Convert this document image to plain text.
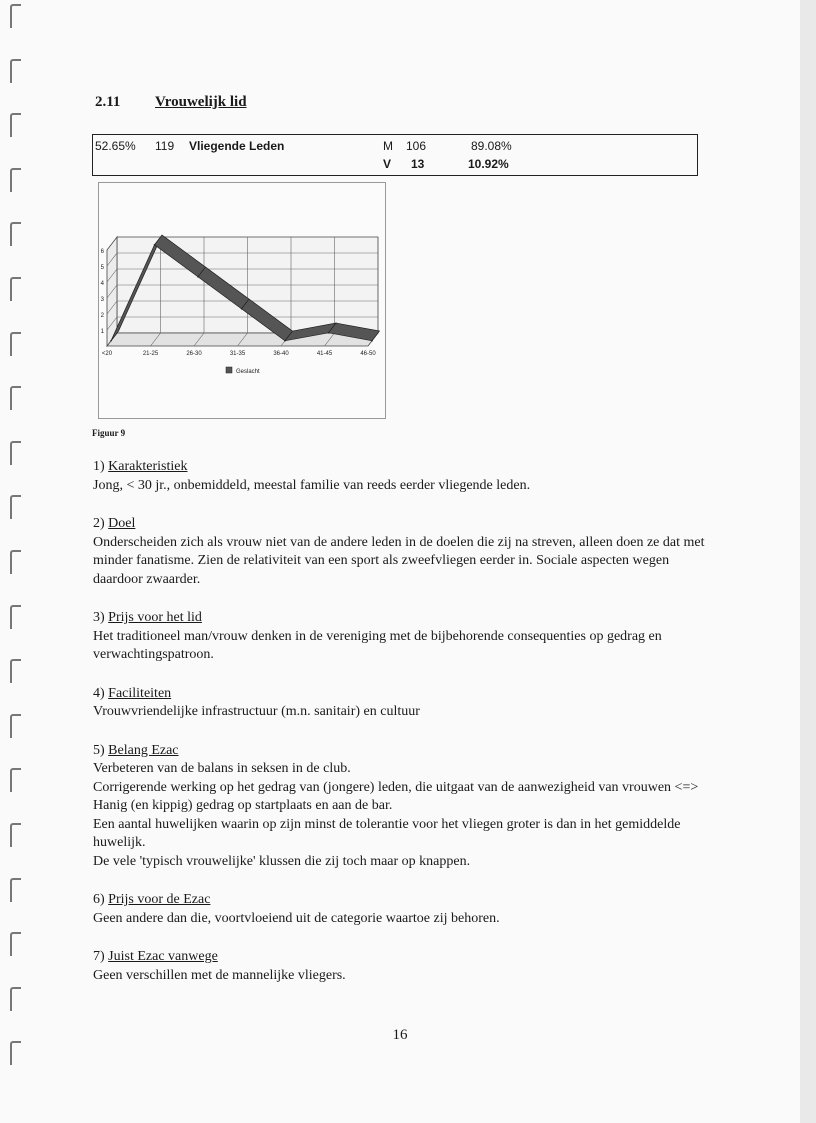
2.11 Vrouwelijk lid
52.65% 119 Vliegende Leden	M 106	89.08%
V 13	10.92%
1
2
3
4
5
6
<20	21-25	26-30	31-35	36-40	41-45	46-50
Geslacht
Figuur 9
1) Karakteristiek

Jong, < 30 jr., onbemiddeld, meestal familie van reeds eerder vliegende leden.

2) Doel

Onderscheiden zich als vrouw niet van de andere leden in de doelen die zij na streven, alleen doen ze dat met minder fanatisme. Zien de relativiteit van een sport als zweefvliegen eerder in. Sociale aspecten wegen daardoor zwaarder.

3) Prijs voor het lid

Het traditioneel man/vrouw denken in de vereniging met de bijbehorende consequenties op gedrag en verwachtingspatroon.

4) Faciliteiten

Vrouwvriendelijke infrastructuur (m.n. sanitair) en cultuur

5) Belang Ezac

Verbeteren van de balans in seksen in de club.

Corrigerende werking op het gedrag van (jongere) leden, die uitgaat van de aanwezigheid van vrouwen <=> Hanig (en kippig) gedrag op startplaats en aan de bar.

Een aantal huwelijken waarin op zijn minst de tolerantie voor het vliegen groter is dan in het gemiddelde huwelijk.

De vele 'typisch vrouwelijke' klussen die zij toch maar op knappen.

6) Prijs voor de Ezac

Geen andere dan die, voortvloeiend uit de categorie waartoe zij behoren.

7) Juist Ezac vanwege

Geen verschillen met de mannelijke vliegers.

16
